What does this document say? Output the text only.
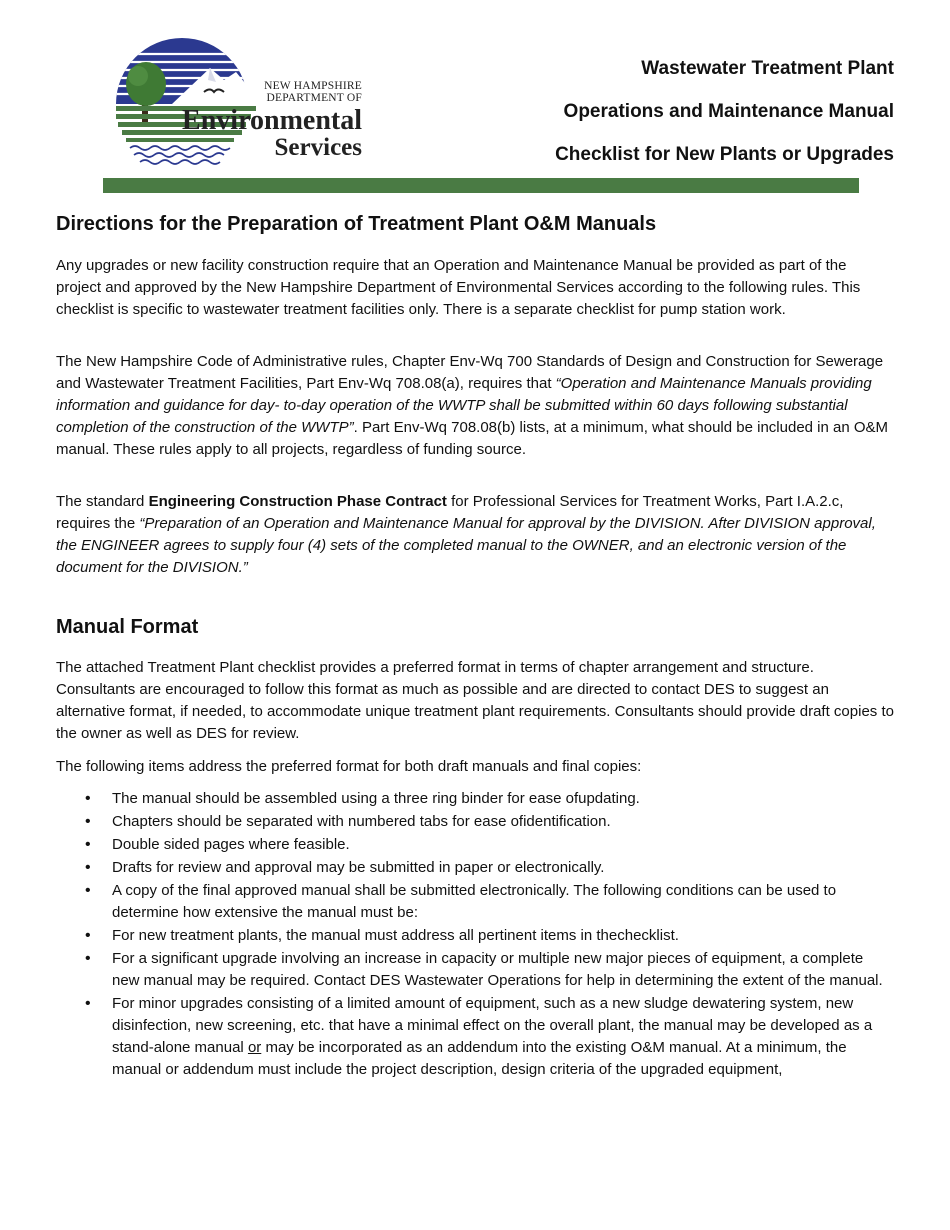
NEW HAMPSHIRE
DEPARTMENT OF
Environmental
Services
Wastewater Treatment Plant
Operations and Maintenance Manual
Checklist for New Plants or Upgrades
Directions for the Preparation of Treatment Plant O&M Manuals

Any upgrades or new facility construction require that an Operation and Maintenance Manual be provided as part of the project and approved by the New Hampshire Department of Environmental Services according to the following rules. This checklist is specific to wastewater treatment facilities only. There is a separate checklist for pump station work.

The New Hampshire Code of Administrative rules, Chapter Env-Wq 700 Standards of Design and Construction for Sewerage and Wastewater Treatment Facilities, Part Env-Wq 708.08(a), requires that “Operation and Maintenance Manuals providing information and guidance for day- to-day operation of the WWTP shall be submitted within 60 days following substantial completion of the construction of the WWTP”. Part Env-Wq 708.08(b) lists, at a minimum, what should be included in an O&M manual. These rules apply to all projects, regardless of funding source.

The standard Engineering Construction Phase Contract for Professional Services for Treatment Works, Part I.A.2.c, requires the “Preparation of an Operation and Maintenance Manual for approval by the DIVISION. After DIVISION approval, the ENGINEER agrees to supply four (4) sets of the completed manual to the OWNER, and an electronic version of the document for the DIVISION.”

Manual Format

The attached Treatment Plant checklist provides a preferred format in terms of chapter arrangement and structure. Consultants are encouraged to follow this format as much as possible and are directed to contact DES to suggest an alternative format, if needed, to accommodate unique treatment plant requirements. Consultants should provide draft copies to the owner as well as DES for review.

The following items address the preferred format for both draft manuals and final copies:

• The manual should be assembled using a three ring binder for ease ofupdating.
• Chapters should be separated with numbered tabs for ease ofidentification.
• Double sided pages where feasible.
• Drafts for review and approval may be submitted in paper or electronically.
• A copy of the final approved manual shall be submitted electronically. The following conditions can be used to determine how extensive the manual must be:
• For new treatment plants, the manual must address all pertinent items in thechecklist.
• For a significant upgrade involving an increase in capacity or multiple new major pieces of equipment, a complete new manual may be required. Contact DES Wastewater Operations for help in determining the extent of the manual.
• For minor upgrades consisting of a limited amount of equipment, such as a new sludge dewatering system, new disinfection, new screening, etc. that have a minimal effect on the overall plant, the manual may be developed as a stand-alone manual or may be incorporated as an addendum into the existing O&M manual. At a minimum, the manual or addendum must include the project description, design criteria of the upgraded equipment,
